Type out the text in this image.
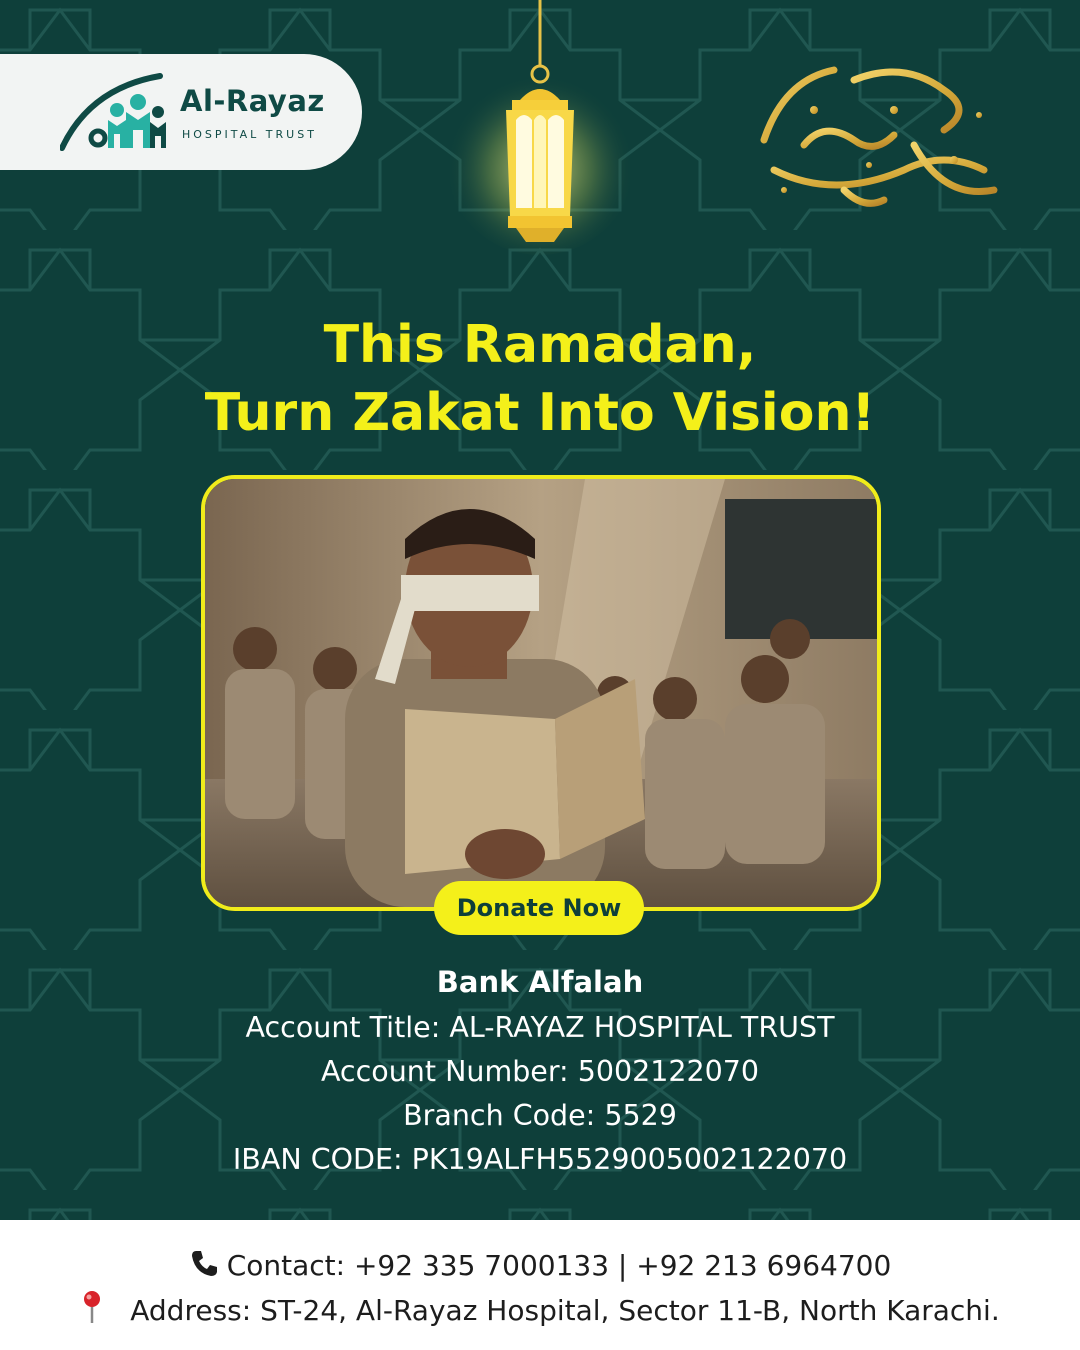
Al-Rayaz
HOSPITAL TRUST
رمضان كريم
This Ramadan,
Turn Zakat Into Vision!
Donate Now
Bank Alfalah
Account Title: AL-RAYAZ HOSPITAL TRUST
Account Number: 5002122070
Branch Code: 5529
IBAN CODE: PK19ALFH5529005002122070
Contact: +92 335 7000133 | +92 213 6964700
Address: ST-24, Al-Rayaz Hospital, Sector 11-B, North Karachi.
